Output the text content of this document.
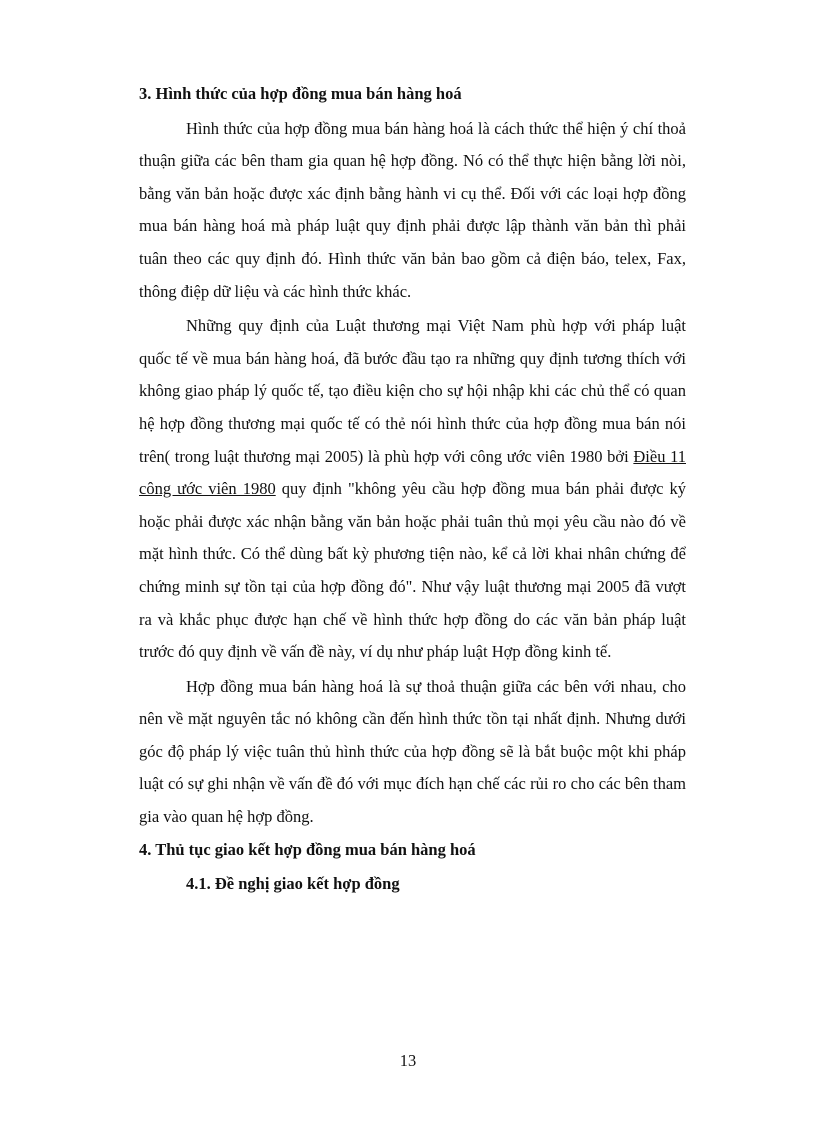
3. Hình thức của hợp đồng mua bán hàng hoá

Hình thức của hợp đồng mua bán hàng hoá là cách thức thể hiện ý chí thoả thuận giữa các bên tham gia quan hệ hợp đồng. Nó có thể thực hiện bằng lời nòi, bằng văn bản hoặc được xác định bằng hành vi cụ thể. Đối với các loại hợp đồng mua bán hàng hoá mà pháp luật quy định phải được lập thành văn bản thì phải tuân theo các quy định đó. Hình thức văn bản bao gồm cả điện báo, telex, Fax, thông điệp dữ liệu và các hình thức khác.

Những quy định của Luật thương mại Việt Nam phù hợp với pháp luật quốc tế về mua bán hàng hoá, đã bước đầu tạo ra những quy định tương thích với không giao pháp lý quốc tế, tạo điều kiện cho sự hội nhập khi các chủ thể có quan hệ hợp đồng thương mại quốc tế có thẻ nói hình thức của hợp đồng mua bán nói trên( trong luật thương mại 2005) là phù hợp với công ước viên 1980 bởi Điều 11 công ước viên 1980 quy định "không yêu cầu hợp đồng mua bán phải được ký hoặc phải được xác nhận bằng văn bản hoặc phải tuân thủ mọi yêu cầu nào đó về mặt hình thức. Có thể dùng bất kỳ phương tiện nào, kể cả lời khai nhân chứng để chứng minh sự tồn tại của hợp đồng đó". Như vậy luật thương mại 2005 đã vượt ra và khắc phục được hạn chế về hình thức hợp đồng do các văn bản pháp luật trước đó quy định về vấn đề này, ví dụ như pháp luật Hợp đồng kinh tế.

Hợp đồng mua bán hàng hoá là sự thoả thuận giữa các bên với nhau, cho nên về mặt nguyên tắc nó không cần đến hình thức tồn tại nhất định. Nhưng dưới góc độ pháp lý việc tuân thủ hình thức của hợp đồng sẽ là bắt buộc một khi pháp luật có sự ghi nhận về vấn đề đó với mục đích hạn chế các rủi ro cho các bên tham gia vào quan hệ hợp đồng.

4. Thủ tục giao kết hợp đồng mua bán hàng hoá

4.1. Đề nghị giao kết hợp đồng

13
